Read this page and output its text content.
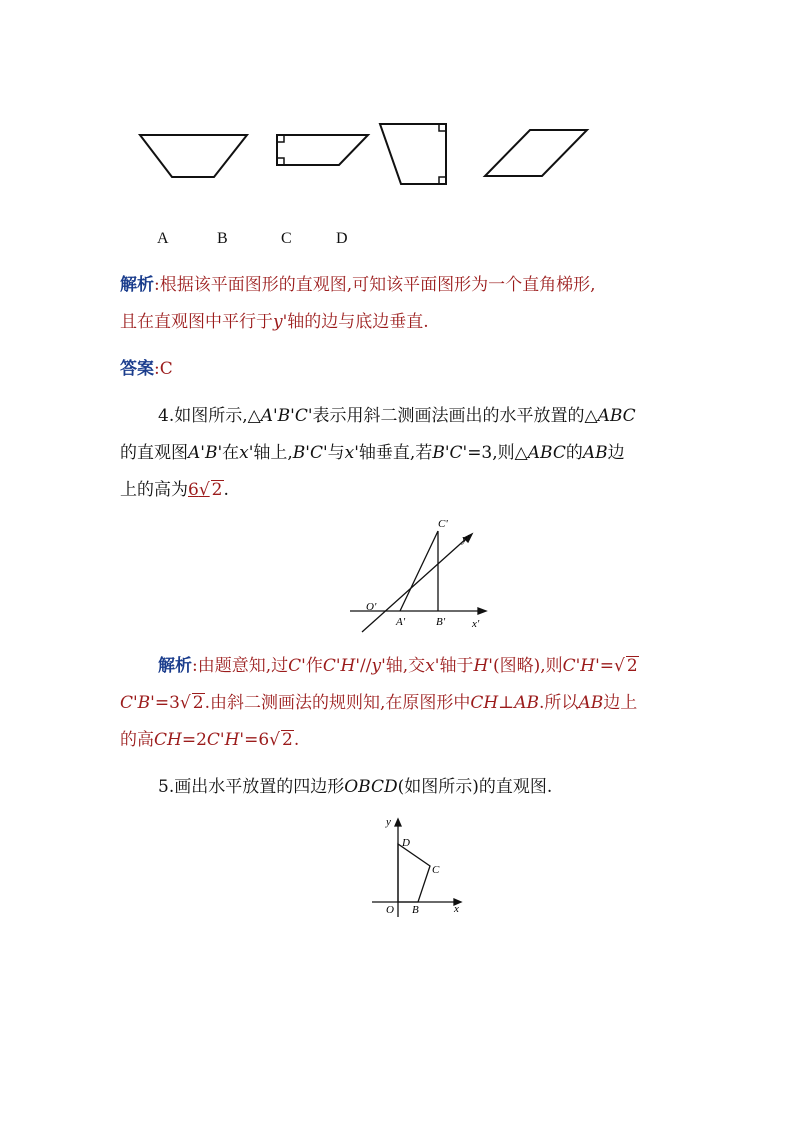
A	B	C	D
解析:根据该平面图形的直观图,可知该平面图形为一个直角梯形,
且在直观图中平行于y'轴的边与底边垂直.
答案:C
4.如图所示,△A'B'C'表示用斜二测画法画出的水平放置的△ABC
的直观图A'B'在x'轴上,B'C'与x'轴垂直,若B'C'=3,则△ABC的AB边
上的高为6√ 2.
C'
y'
O'
A'	B' x'
解析:由题意知,过C'作C'H'//y'轴,交x'轴于H'(图略),则C'H'=√ 2
C'B'=3√ 2.由斜二测画法的规则知,在原图形中CH⊥AB.所以AB边上
的高CH=2C'H'=6√ 2.
5.画出水平放置的四边形OBCD(如图所示)的直观图.
y
D
C
O B	x
